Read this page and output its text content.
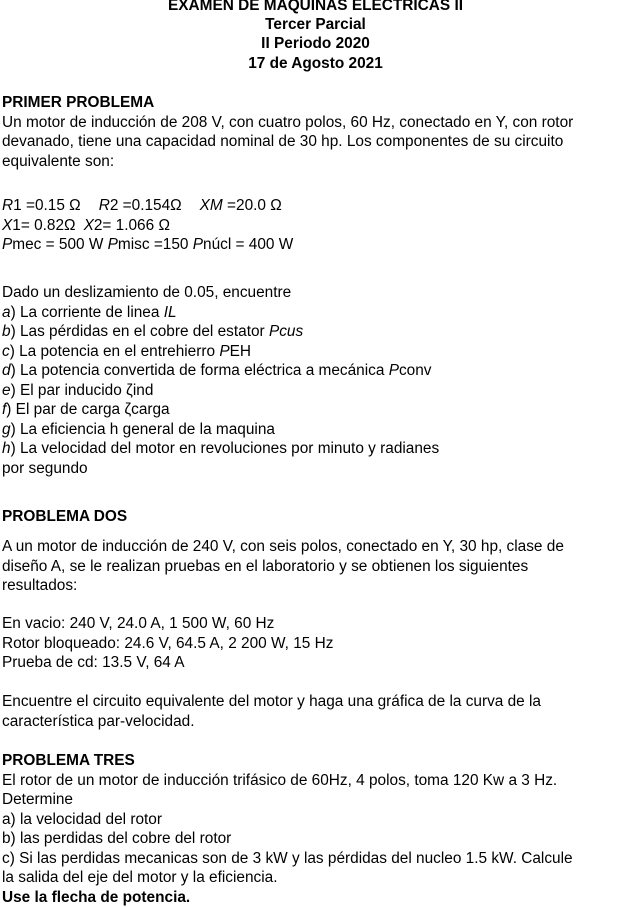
EXAMEN DE MAQUINAS ELECTRICAS II
Tercer Parcial
II Periodo 2020
17 de Agosto 2021
PRIMER PROBLEMA
Un motor de inducción de 208 V, con cuatro polos, 60 Hz, conectado en Y, con rotor
devanado, tiene una capacidad nominal de 30 hp. Los componentes de su circuito
equivalente son:
R1 =0.15 Ω R2 =0.154Ω XM =20.0 Ω
X1= 0.82Ω X2= 1.066 Ω
Pmec = 500 W Pmisc =150 Pnúcl = 400 W
Dado un deslizamiento de 0.05, encuentre
a) La corriente de linea IL
b) Las pérdidas en el cobre del estator Pcus
c) La potencia en el entrehierro PEH
d) La potencia convertida de forma eléctrica a mecánica Pconv
e) El par inducido ζind
f) El par de carga ζcarga
g) La eficiencia h general de la maquina
h) La velocidad del motor en revoluciones por minuto y radianes
por segundo
PROBLEMA DOS
A un motor de inducción de 240 V, con seis polos, conectado en Y, 30 hp, clase de
diseño A, se le realizan pruebas en el laboratorio y se obtienen los siguientes
resultados:
En vacio: 240 V, 24.0 A, 1 500 W, 60 Hz
Rotor bloqueado: 24.6 V, 64.5 A, 2 200 W, 15 Hz
Prueba de cd: 13.5 V, 64 A
Encuentre el circuito equivalente del motor y haga una gráfica de la curva de la
característica par-velocidad.
PROBLEMA TRES
El rotor de un motor de inducción trifásico de 60Hz, 4 polos, toma 120 Kw a 3 Hz.
Determine
a) la velocidad del rotor
b) las perdidas del cobre del rotor
c) Si las perdidas mecanicas son de 3 kW y las pérdidas del nucleo 1.5 kW. Calcule
la salida del eje del motor y la eficiencia.
Use la flecha de potencia.
